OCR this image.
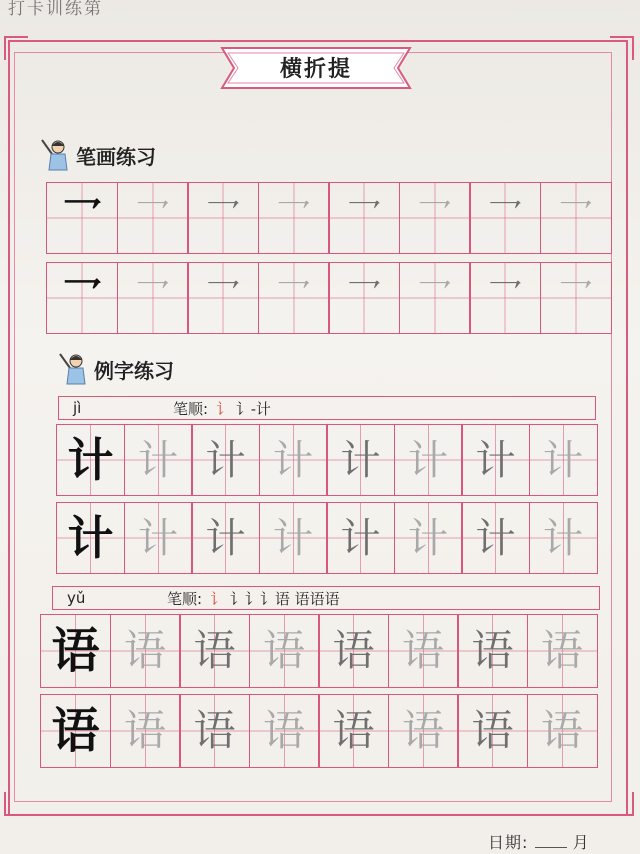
打卡训练第
横折提
笔画练习
乛 乛	乛	乛	乛	乛	乛	乛
乛 乛	乛	乛	乛	乛	乛	乛
例字练习
jì	笔顺: 讠 讠-计
计 计 计 计 计 计 计 计
计 计 计 计 计 计 计 计
yǔ	笔顺: 讠 讠讠讠语 语语语
语 语 语 语 语 语 语 语
语 语 语 语 语 语 语 语
日期:	月
